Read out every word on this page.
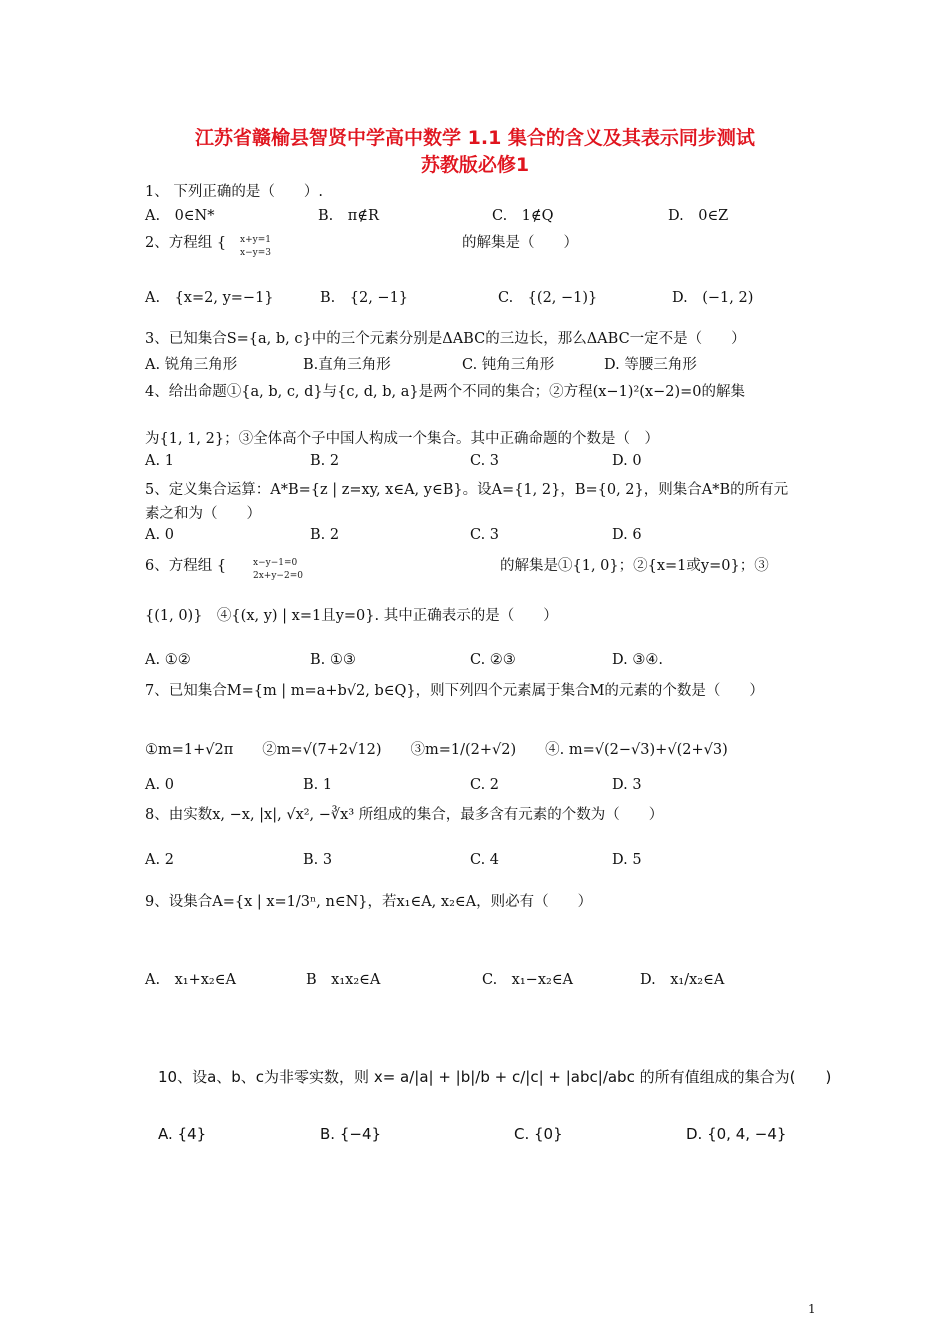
江苏省赣榆县智贤中学高中数学 1.1 集合的含义及其表示同步测试
苏教版必修1
1、 下列正确的是（　　）.
A.　0∈N*	B.　π∉R	C.　1∉Q	D.　0∈Z
2、方程组 { x+y=1
x−y=3
的解集是（　　）
A.　{x=2, y=−1}	B.　{2, −1}	C.　{(2, −1)}	D.　(−1, 2)
3、已知集合S={a, b, c}中的三个元素分别是ΔABC的三边长，那么ΔABC一定不是（　　）
A. 锐角三角形	B.直角三角形	C. 钝角三角形	D. 等腰三角形
4、给出命题①{a, b, c, d}与{c, d, b, a}是两个不同的集合；②方程(x−1)²(x−2)=0的解集
为{1, 1, 2}；③全体高个子中国人构成一个集合。其中正确命题的个数是（　）
A. 1	B. 2	C. 3	D. 0
5、定义集合运算：A*B={z | z=xy, x∈A, y∈B}。设A={1, 2}，B={0, 2}，则集合A*B的所有元
素之和为（　　）
A. 0	B. 2	C. 3	D. 6
6、方程组 {	x−y−1=0
2x+y−2=0
的解集是①{1, 0}；②{x=1或y=0}；③
{(1, 0)}　④{(x, y) | x=1且y=0}. 其中正确表示的是（　　）
A. ①②	B. ①③	C. ②③	D. ③④.
7、已知集合M={m | m=a+b√2, b∈Q}，则下列四个元素属于集合M的元素的个数是（　　）
①m=1+√2π　　②m=√(7+2√12)　　③m=1/(2+√2)　　④. m=√(2−√3)+√(2+√3)
A. 0	B. 1	C. 2	D. 3
8、由实数x, −x, |x|, √x², −∛x³ 所组成的集合，最多含有元素的个数为（　　）
A. 2	B. 3	C. 4	D. 5
9、设集合A={x | x=1/3ⁿ, n∈N}，若x₁∈A, x₂∈A，则必有（　　）
A.　x₁+x₂∈A	B　x₁x₂∈A	C.　x₁−x₂∈A	D.　x₁/x₂∈A
10、设a、b、c为非零实数，则 x= a/|a| + |b|/b + c/|c| + |abc|/abc 的所有值组成的集合为(　　)
A. {4}	B. {−4}	C. {0}	D. {0, 4, −4}
1
